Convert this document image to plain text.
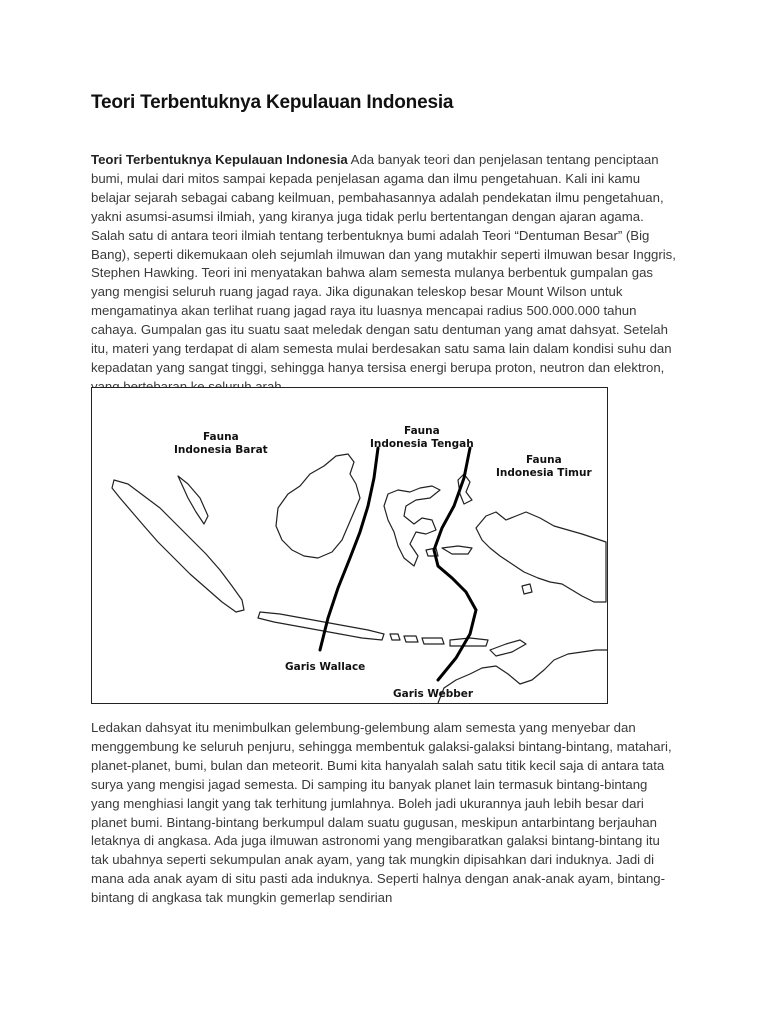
Teori Terbentuknya Kepulauan Indonesia

Teori Terbentuknya Kepulauan Indonesia Ada banyak teori dan penjelasan tentang penciptaan bumi, mulai dari mitos sampai kepada penjelasan agama dan ilmu pengetahuan. Kali ini kamu belajar sejarah sebagai cabang keilmuan, pembahasannya adalah pendekatan ilmu pengetahuan, yakni asumsi-asumsi ilmiah, yang kiranya juga tidak perlu bertentangan dengan ajaran agama. Salah satu di antara teori ilmiah tentang terbentuknya bumi adalah Teori “Dentuman Besar” (Big Bang), seperti dikemukaan oleh sejumlah ilmuwan dan yang mutakhir seperti ilmuwan besar Inggris, Stephen Hawking. Teori ini menyatakan bahwa alam semesta mulanya berbentuk gumpalan gas yang mengisi seluruh ruang jagad raya. Jika digunakan teleskop besar Mount Wilson untuk mengamatinya akan terlihat ruang jagad raya itu luasnya mencapai radius 500.000.000 tahun cahaya. Gumpalan gas itu suatu saat meledak dengan satu dentuman yang amat dahsyat. Setelah itu, materi yang terdapat di alam semesta mulai berdesakan satu sama lain dalam kondisi suhu dan kepadatan yang sangat tinggi, sehingga hanya tersisa energi berupa proton, neutron dan elektron,

Fauna
Indonesia Barat

Fauna
Indonesia Tengah

Fauna
Indonesia Timur

Garis Wallace

Garis Webber

Ledakan dahsyat itu menimbulkan gelembung-gelembung alam semesta yang menyebar dan menggembung ke seluruh penjuru, sehingga membentuk galaksi-galaksi bintang-bintang, matahari, planet-planet, bumi, bulan dan meteorit. Bumi kita hanyalah salah satu titik kecil saja di antara tata surya yang mengisi jagad semesta. Di samping itu banyak planet lain termasuk bintang-bintang yang menghiasi langit yang tak terhitung jumlahnya. Boleh jadi ukurannya jauh lebih besar dari planet bumi. Bintang-bintang berkumpul dalam suatu gugusan, meskipun antarbintang berjauhan letaknya di angkasa. Ada juga ilmuwan astronomi yang mengibaratkan galaksi bintang-bintang itu tak ubahnya seperti sekumpulan anak ayam, yang tak mungkin dipisahkan dari induknya. Jadi di mana ada anak ayam di situ pasti ada induknya. Seperti halnya dengan anak-anak ayam, bintang-bintang di angkasa tak mungkin gemerlap sendirian
